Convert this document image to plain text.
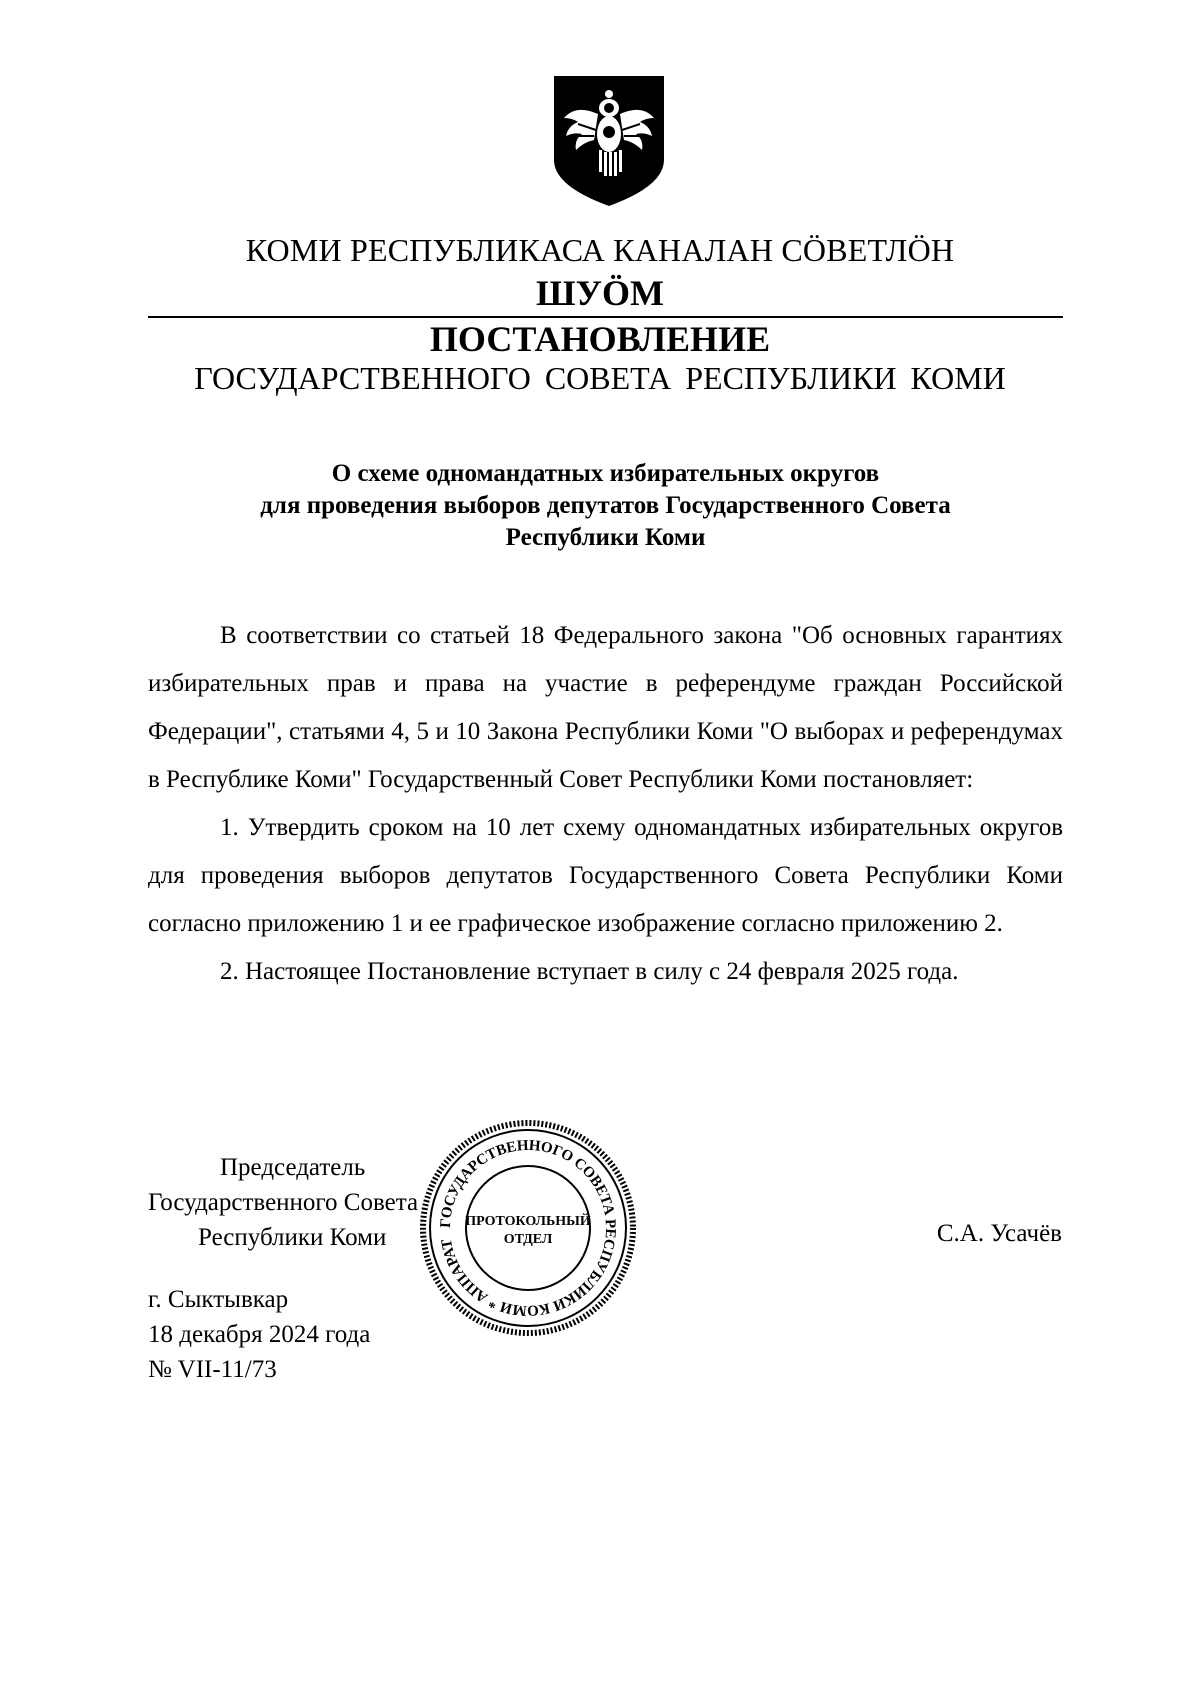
КОМИ РЕСПУБЛИКАСА КАНАЛАН СÖВЕТЛÖН
ШУÖМ
ПОСТАНОВЛЕНИЕ
ГОСУДАРСТВЕННОГО СОВЕТА РЕСПУБЛИКИ КОМИ
О схеме одномандатных избирательных округов
для проведения выборов депутатов Государственного Совета
Республики Коми

В соответствии со статьей 18 Федерального закона "Об основных гарантиях избирательных прав и права на участие в референдуме граждан Российской Федерации", статьями 4, 5 и 10 Закона Республики Коми "О выборах и референдумах в Республике Коми" Государственный Совет Республики Коми постановляет:

1. Утвердить сроком на 10 лет схему одномандатных избирательных округов для проведения выборов депутатов Государственного Совета Республики Коми согласно приложению 1 и ее графическое изображение согласно приложению 2.

2. Настоящее Постановление вступает в силу с 24 февраля 2025 года.

Председатель
Государственного Совета
Республики Коми	С.А. Усачёв
ГОСУДАРСТВЕННОГО СОВЕТА РЕСПУБЛИКИ КОМИ * АППАРАТ
ПРОТОКОЛЬНЫЙ
ОТДЕЛ
г. Сыктывкар
18 декабря 2024 года
№ VII-11/73
